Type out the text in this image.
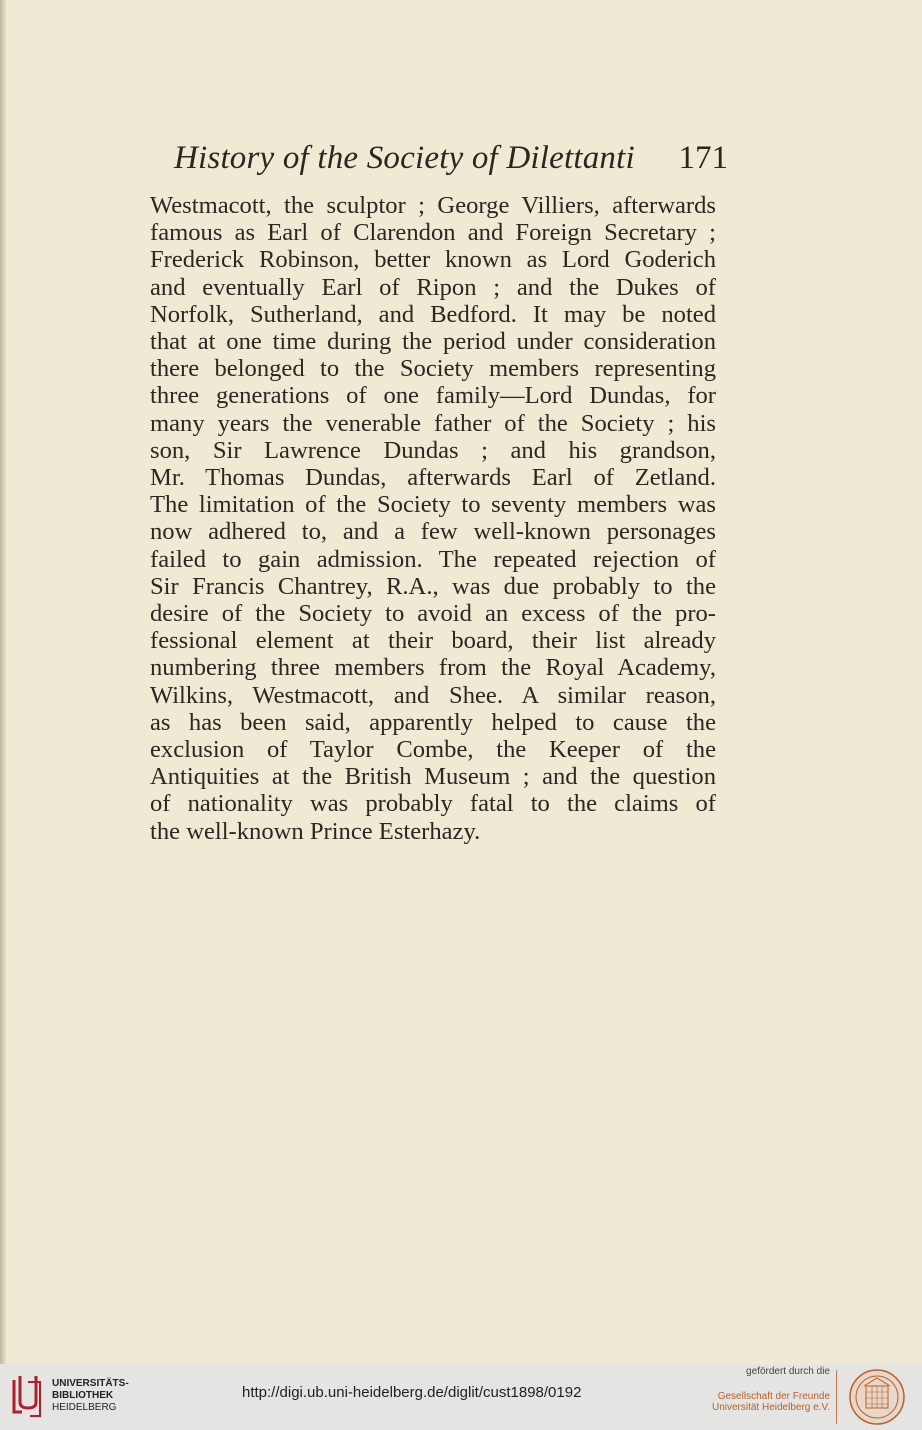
History of the Society of Dilettanti 171
Westmacott, the sculptor ; George Villiers, afterwards
famous as Earl of Clarendon and Foreign Secretary ;
Frederick Robinson, better known as Lord Goderich
and eventually Earl of Ripon ; and the Dukes of
Norfolk, Sutherland, and Bedford. It may be noted
that at one time during the period under consideration
there belonged to the Society members representing
three generations of one family—Lord Dundas, for
many years the venerable father of the Society ; his
son, Sir Lawrence Dundas ; and his grandson,
Mr. Thomas Dundas, afterwards Earl of Zetland.
The limitation of the Society to seventy members was
now adhered to, and a few well-known personages
failed to gain admission. The repeated rejection of
Sir Francis Chantrey, R.A., was due probably to the
desire of the Society to avoid an excess of the pro-
fessional element at their board, their list already
numbering three members from the Royal Academy,
Wilkins, Westmacott, and Shee. A similar reason,
as has been said, apparently helped to cause the
exclusion of Taylor Combe, the Keeper of the
Antiquities at the British Museum ; and the question
of nationality was probably fatal to the claims of
the well-known Prince Esterhazy.
UNIVERSITÄTS-
BIBLIOTHEK
HEIDELBERG
http://digi.ub.uni-heidelberg.de/diglit/cust1898/0192
gefördert durch die
Gesellschaft der Freunde
Universität Heidelberg e.V.
